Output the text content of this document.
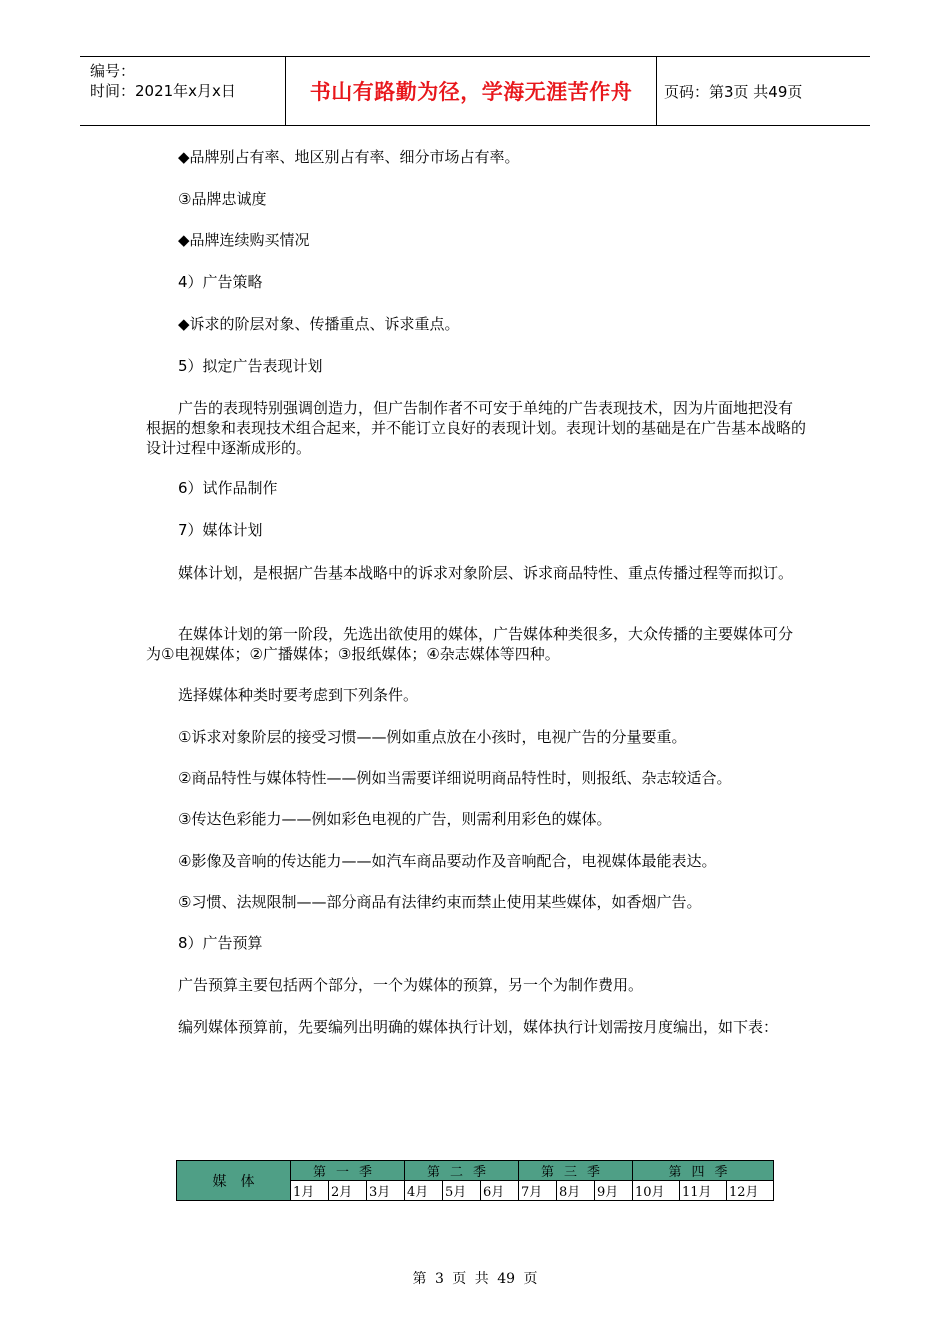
编号：
时间：2021年x月x日	书山有路勤为径，学海无涯苦作舟	页码：第3页 共49页
◆品牌别占有率、地区别占有率、细分市场占有率。
③品牌忠诚度
◆品牌连续购买情况
4）广告策略
◆诉求的阶层对象、传播重点、诉求重点。
5）拟定广告表现计划
广告的表现特别强调创造力，但广告制作者不可安于单纯的广告表现技术，因为片面地把没有根据的想象和表现技术组合起来，并不能订立良好的表现计划。表现计划的基础是在广告基本战略的设计过程中逐渐成形的。
6）试作品制作
7）媒体计划
媒体计划，是根据广告基本战略中的诉求对象阶层、诉求商品特性、重点传播过程等而拟订。
在媒体计划的第一阶段，先选出欲使用的媒体，广告媒体种类很多，大众传播的主要媒体可分为①电视媒体；②广播媒体；③报纸媒体；④杂志媒体等四种。
选择媒体种类时要考虑到下列条件。
①诉求对象阶层的接受习惯——例如重点放在小孩时，电视广告的分量要重。
②商品特性与媒体特性——例如当需要详细说明商品特性时，则报纸、杂志较适合。
③传达色彩能力——例如彩色电视的广告，则需利用彩色的媒体。
④影像及音响的传达能力——如汽车商品要动作及音响配合，电视媒体最能表达。
⑤习惯、法规限制——部分商品有法律约束而禁止使用某些媒体，如香烟广告。
8）广告预算
广告预算主要包括两个部分，一个为媒体的预算，另一个为制作费用。
编列媒体预算前，先要编列出明确的媒体执行计划，媒体执行计划需按月度编出，如下表：
媒体	第一季			第二季			第三季			第四季		
	1月	2月	3月	4月	5月	6月	7月	8月	9月	10月	11月	12月
第 3 页 共 49 页
